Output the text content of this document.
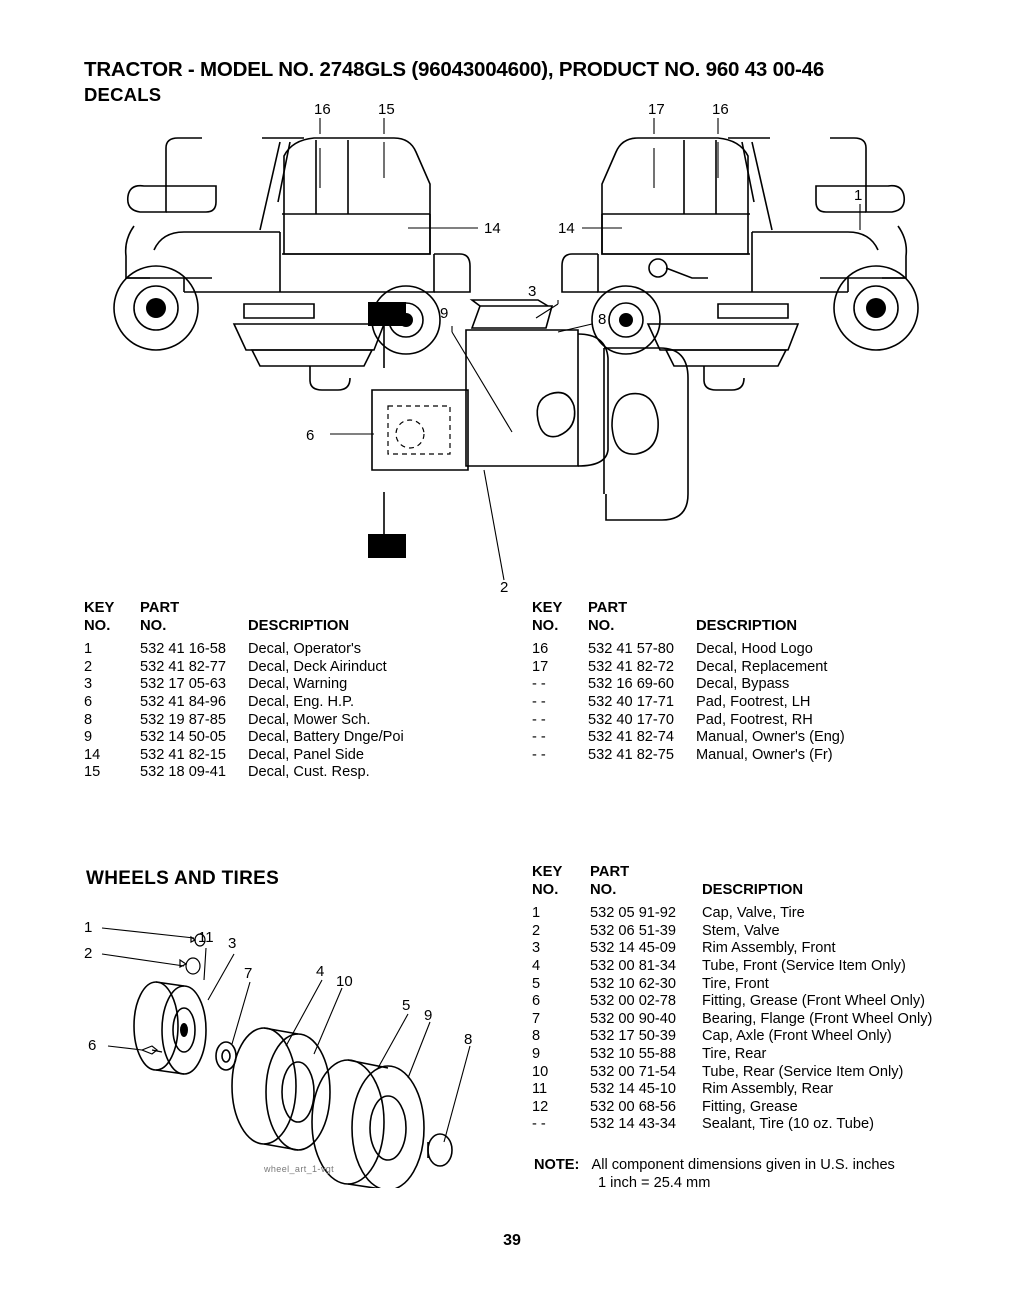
TRACTOR - MODEL NO. 2748GLS (96043004600), PRODUCT NO. 960 43 00-46
DECALS
16	15
14
17	16
14
1
3
8
9
6
2
KEY	PART
NO.	NO.	DESCRIPTION
1	532 41 16-58	Decal, Operator's
2	532 41 82-77	Decal, Deck Airinduct
3	532 17 05-63	Decal, Warning
6	532 41 84-96	Decal, Eng. H.P.
8	532 19 87-85	Decal, Mower Sch.
9	532 14 50-05	Decal, Battery Dnge/Poi
14	532 41 82-15	Decal, Panel Side
15	532 18 09-41	Decal, Cust. Resp.
KEY	PART
NO.	NO.	DESCRIPTION
16	532 41 57-80	Decal, Hood Logo
17	532 41 82-72	Decal, Replacement
- -	532 16 69-60	Decal, Bypass
- -	532 40 17-71	Pad, Footrest, LH
- -	532 40 17-70	Pad, Footrest, RH
- -	532 41 82-74	Manual, Owner's (Eng)
- -	532 41 82-75	Manual, Owner's (Fr)
WHEELS AND TIRES
1
2
6
11 3
7	4
10
5
9
8
wheel_art_1-vgt
KEY	PART
NO.	NO.	DESCRIPTION
1	532 05 91-92	Cap, Valve, Tire
2	532 06 51-39	Stem, Valve
3	532 14 45-09	Rim Assembly, Front
4	532 00 81-34	Tube, Front (Service Item Only)
5	532 10 62-30	Tire, Front
6	532 00 02-78	Fitting, Grease (Front Wheel Only)
7	532 00 90-40	Bearing, Flange (Front Wheel Only)
8	532 17 50-39	Cap, Axle (Front Wheel Only)
9	532 10 55-88	Tire, Rear
10	532 00 71-54	Tube, Rear (Service Item Only)
11	532 14 45-10	Rim Assembly, Rear
12	532 00 68-56	Fitting, Grease
- -	532 14 43-34	Sealant, Tire (10 oz. Tube)
NOTE: All component dimensions given in U.S. inches
1 inch = 25.4 mm
39
